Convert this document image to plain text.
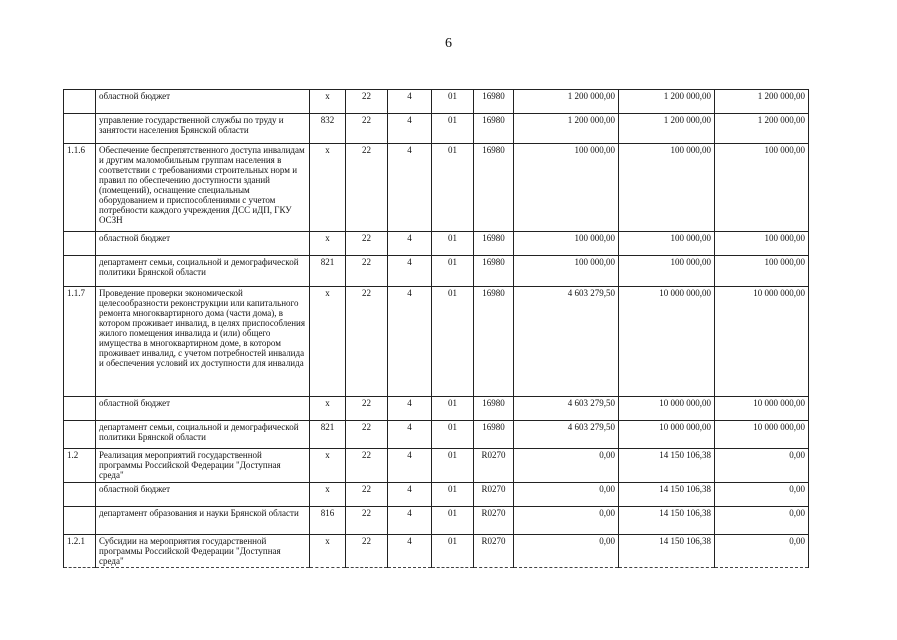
6
	областной бюджет	x	22	4	01	16980	1 200 000,00	1 200 000,00	1 200 000,00
	управление государственной службы по труду и занятости населения Брянской области	832	22	4	01	16980	1 200 000,00	1 200 000,00	1 200 000,00
1.1.6	Обеспечение беспрепятственного доступа инвалидам и другим маломобильным группам населения в соответствии с требованиями строительных норм и правил по обеспечению доступности зданий (помещений), оснащение специальным оборудованием и приспособлениями с учетом потребности каждого учреждения ДСС иДП, ГКУ ОСЗН	x	22	4	01	16980	100 000,00	100 000,00	100 000,00
	областной бюджет	x	22	4	01	16980	100 000,00	100 000,00	100 000,00
	департамент семьи, социальной и демографической политики Брянской области	821	22	4	01	16980	100 000,00	100 000,00	100 000,00
1.1.7	Проведение проверки экономической целесообразности реконструкции или капитального ремонта многоквартирного дома (части дома), в котором проживает инвалид, в целях приспособления жилого помещения инвалида и (или) общего имущества в многоквартирном доме, в котором проживает инвалид, с учетом потребностей инвалида и обеспечения условий их доступности для инвалида	x	22	4	01	16980	4 603 279,50	10 000 000,00	10 000 000,00
	областной бюджет	x	22	4	01	16980	4 603 279,50	10 000 000,00	10 000 000,00
	департамент семьи, социальной и демографической политики Брянской области	821	22	4	01	16980	4 603 279,50	10 000 000,00	10 000 000,00
1.2	Реализация мероприятий государственной программы Российской Федерации "Доступная среда"	x	22	4	01	R0270	0,00	14 150 106,38	0,00
	областной бюджет	x	22	4	01	R0270	0,00	14 150 106,38	0,00
	департамент образования и науки Брянской области	816	22	4	01	R0270	0,00	14 150 106,38	0,00
1.2.1	Субсидии на мероприятия государственной программы Российской Федерации "Доступная среда"	x	22	4	01	R0270	0,00	14 150 106,38	0,00
